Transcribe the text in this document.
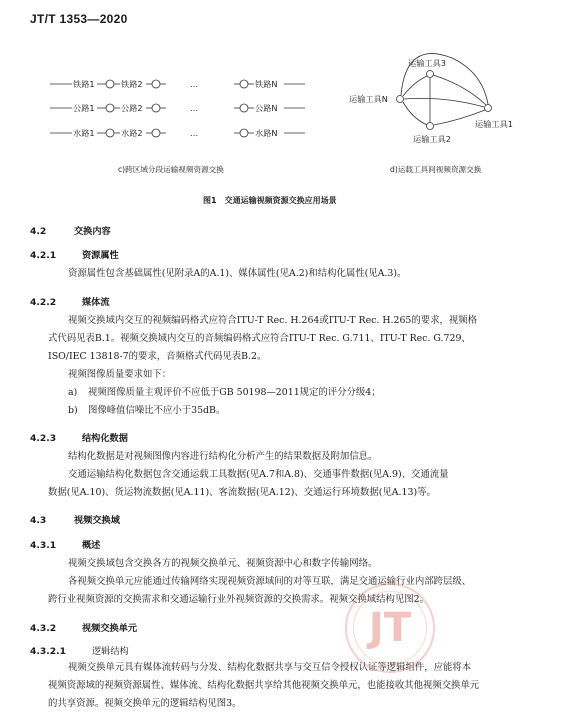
JT/T 1353—2020
铁路1	铁路2	…	铁路N
公路1	公路2	…	公路N
水路1	水路2	…	水路N
运输工具3
运输工具N
运输工具1
运输工具2
c)跨区域分段运输视频资源交换	d)运载工具间视频资源交换
图1　交通运输视频资源交换应用场景
4.2	交换内容
4.2.1	资源属性
资源属性包含基础属性(见附录A的A.1)、媒体属性(见A.2)和结构化属性(见A.3)。
4.2.2	媒体流
视频交换域内交互的视频编码格式应符合ITU-T Rec. H.264或ITU-T Rec. H.265的要求，视频格
式代码见表B.1。视频交换域内交互的音频编码格式应符合ITU-T Rec. G.711、ITU-T Rec. G.729、
ISO/IEC 13818-7的要求，音频格式代码见表B.2。
视频图像质量要求如下：
a) 视频图像质量主观评价不应低于GB 50198—2011规定的评分分级4；
b) 图像峰值信噪比不应小于35dB。
4.2.3	结构化数据
结构化数据是对视频图像内容进行结构化分析产生的结果数据及附加信息。
交通运输结构化数据包含交通运载工具数据(见A.7和A.8)、交通事件数据(见A.9)、交通流量
数据(见A.10)、货运物流数据(见A.11)、客流数据(见A.12)、交通运行环境数据(见A.13)等。
4.3	视频交换域
4.3.1	概述
视频交换域包含交换各方的视频交换单元、视频资源中心和数字传输网络。
各视频交换单元应能通过传输网络实现视频资源域间的对等互联，满足交通运输行业内部跨层级、
跨行业视频资源的交换需求和交通运输行业外视频资源的交换需求。视频交换域结构见图2。
4.3.2	视频交换单元
4.3.2.1	逻辑结构
视频交换单元具有媒体流转码与分发、结构化数据共享与交互信令授权认证等逻辑组件，应能将本
视频资源域的视频资源属性、媒体流、结构化数据共享给其他视频交换单元，也能接收其他视频交换单元
的共享资源。视频交换单元的逻辑结构见图3。
JT
